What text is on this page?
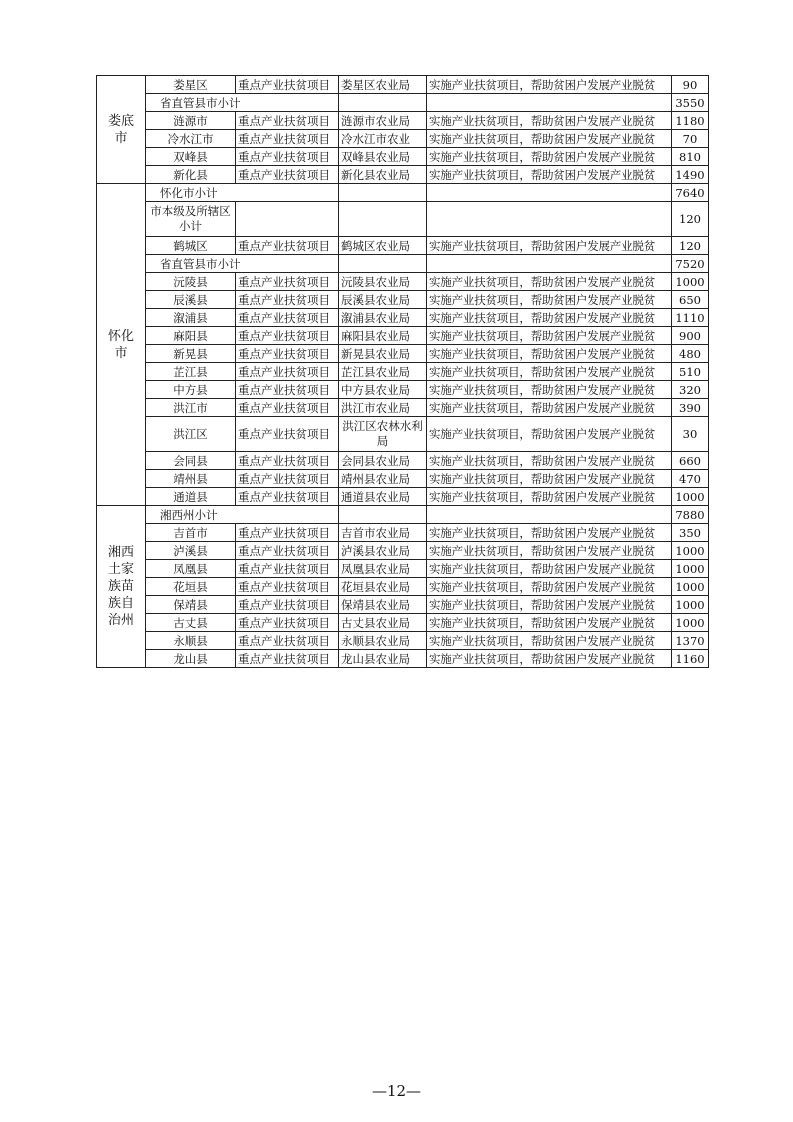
娄底市	娄星区	重点产业扶贫项目	娄星区农业局	实施产业扶贫项目，帮助贫困户发展产业脱贫	90
	省直管县市小计				3550
	涟源市	重点产业扶贫项目	涟源市农业局	实施产业扶贫项目，帮助贫困户发展产业脱贫	1180
	冷水江市	重点产业扶贫项目	冷水江市农业	实施产业扶贫项目，帮助贫困户发展产业脱贫	70
	双峰县	重点产业扶贫项目	双峰县农业局	实施产业扶贫项目，帮助贫困户发展产业脱贫	810
	新化县	重点产业扶贫项目	新化县农业局	实施产业扶贫项目，帮助贫困户发展产业脱贫	1490
怀化市	怀化市小计				7640
	市本级及所辖区小计				120
	鹤城区	重点产业扶贫项目	鹤城区农业局	实施产业扶贫项目，帮助贫困户发展产业脱贫	120
	省直管县市小计				7520
	沅陵县	重点产业扶贫项目	沅陵县农业局	实施产业扶贫项目，帮助贫困户发展产业脱贫	1000
	辰溪县	重点产业扶贫项目	辰溪县农业局	实施产业扶贫项目，帮助贫困户发展产业脱贫	650
	溆浦县	重点产业扶贫项目	溆浦县农业局	实施产业扶贫项目，帮助贫困户发展产业脱贫	1110
	麻阳县	重点产业扶贫项目	麻阳县农业局	实施产业扶贫项目，帮助贫困户发展产业脱贫	900
	新晃县	重点产业扶贫项目	新晃县农业局	实施产业扶贫项目，帮助贫困户发展产业脱贫	480
	芷江县	重点产业扶贫项目	芷江县农业局	实施产业扶贫项目，帮助贫困户发展产业脱贫	510
	中方县	重点产业扶贫项目	中方县农业局	实施产业扶贫项目，帮助贫困户发展产业脱贫	320
	洪江市	重点产业扶贫项目	洪江市农业局	实施产业扶贫项目，帮助贫困户发展产业脱贫	390
	洪江区	重点产业扶贫项目	洪江区农林水利局	实施产业扶贫项目，帮助贫困户发展产业脱贫	30
	会同县	重点产业扶贫项目	会同县农业局	实施产业扶贫项目，帮助贫困户发展产业脱贫	660
	靖州县	重点产业扶贫项目	靖州县农业局	实施产业扶贫项目，帮助贫困户发展产业脱贫	470
	通道县	重点产业扶贫项目	通道县农业局	实施产业扶贫项目，帮助贫困户发展产业脱贫	1000
湘西土家族苗族自治州	湘西州小计				7880
	吉首市	重点产业扶贫项目	吉首市农业局	实施产业扶贫项目，帮助贫困户发展产业脱贫	350
	泸溪县	重点产业扶贫项目	泸溪县农业局	实施产业扶贫项目，帮助贫困户发展产业脱贫	1000
	凤凰县	重点产业扶贫项目	凤凰县农业局	实施产业扶贫项目，帮助贫困户发展产业脱贫	1000
	花垣县	重点产业扶贫项目	花垣县农业局	实施产业扶贫项目，帮助贫困户发展产业脱贫	1000
	保靖县	重点产业扶贫项目	保靖县农业局	实施产业扶贫项目，帮助贫困户发展产业脱贫	1000
	古丈县	重点产业扶贫项目	古丈县农业局	实施产业扶贫项目，帮助贫困户发展产业脱贫	1000
	永顺县	重点产业扶贫项目	永顺县农业局	实施产业扶贫项目，帮助贫困户发展产业脱贫	1370
	龙山县	重点产业扶贫项目	龙山县农业局	实施产业扶贫项目，帮助贫困户发展产业脱贫	1160
—12—
